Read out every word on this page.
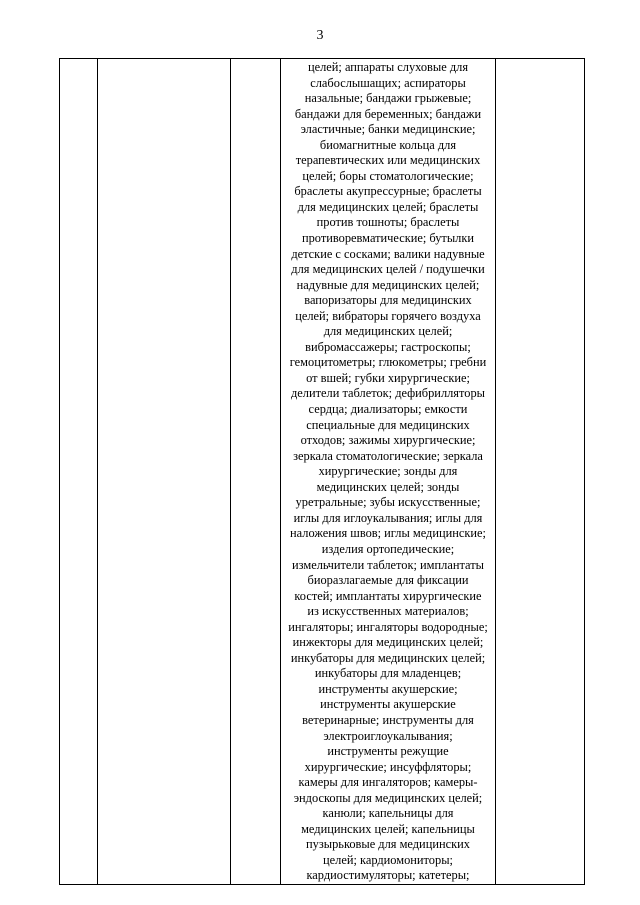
3

целей; аппараты слуховые для
слабослышащих; аспираторы
назальные; бандажи грыжевые;
бандажи для беременных; бандажи
эластичные; банки медицинские;
биомагнитные кольца для
терапевтических или медицинских
целей; боры стоматологические;
браслеты акупрессурные; браслеты
для медицинских целей; браслеты
против тошноты; браслеты
противоревматические; бутылки
детские с сосками; валики надувные
для медицинских целей / подушечки
надувные для медицинских целей;
вапоризаторы для медицинских
целей; вибраторы горячего воздуха
для медицинских целей;
вибромассажеры; гастроскопы;
гемоцитометры; глюкометры; гребни
от вшей; губки хирургические;
делители таблеток; дефибрилляторы
сердца; диализаторы; емкости
специальные для медицинских
отходов; зажимы хирургические;
зеркала стоматологические; зеркала
хирургические; зонды для
медицинских целей; зонды
уретральные; зубы искусственные;
иглы для иглоукалывания; иглы для
наложения швов; иглы медицинские;
изделия ортопедические;
измельчители таблеток; имплантаты
биоразлагаемые для фиксации
костей; имплантаты хирургические
из искусственных материалов;
ингаляторы; ингаляторы водородные;
инжекторы для медицинских целей;
инкубаторы для медицинских целей;
инкубаторы для младенцев;
инструменты акушерские;
инструменты акушерские
ветеринарные; инструменты для
электроиглоукалывания;
инструменты режущие
хирургические; инсуффляторы;
камеры для ингаляторов; камеры-
эндоскопы для медицинских целей;
канюли; капельницы для
медицинских целей; капельницы
пузырьковые для медицинских
целей; кардиомониторы;
кардиостимуляторы; катетеры;
